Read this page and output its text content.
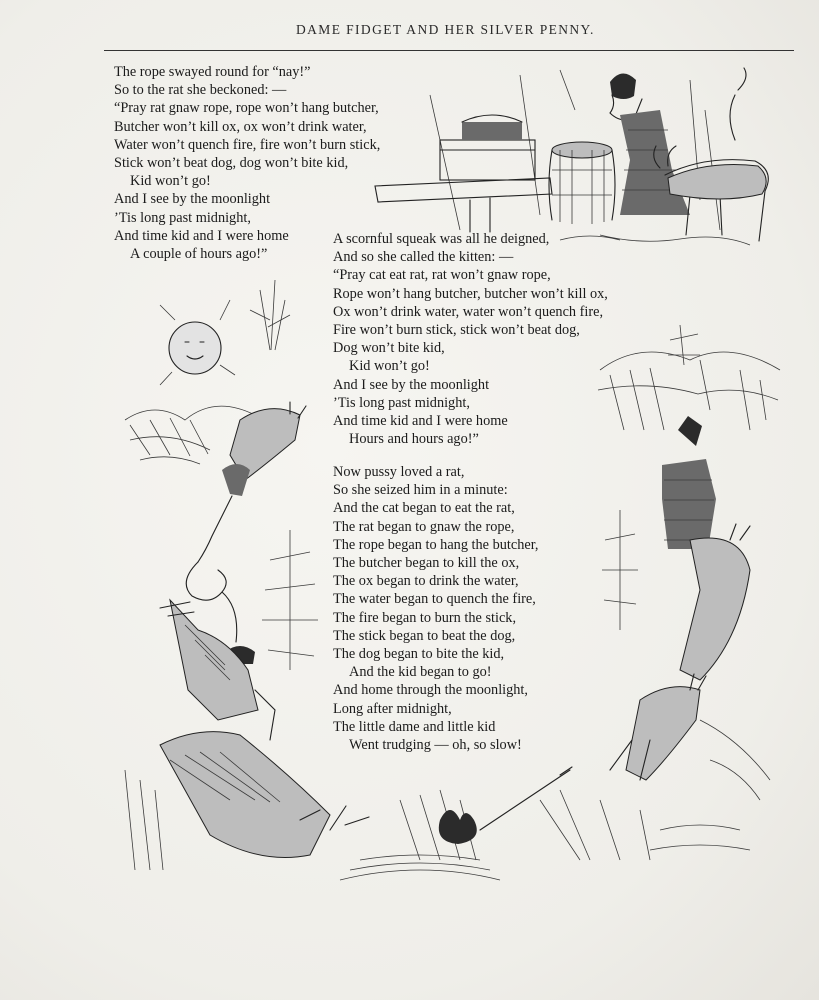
DAME FIDGET AND HER SILVER PENNY.
The rope swayed round for “nay!”
So to the rat she beckoned: —
“Pray rat gnaw rope, rope won’t hang butcher,
Butcher won’t kill ox, ox won’t drink water,
Water won’t quench fire, fire won’t burn stick,
Stick won’t beat dog, dog won’t bite kid,
Kid won’t go!
And I see by the moonlight
’Tis long past midnight,
And time kid and I were home
A couple of hours ago!”
A scornful squeak was all he deigned,
And so she called the kitten: —
“Pray cat eat rat, rat won’t gnaw rope,
Rope won’t hang butcher, butcher won’t kill ox,
Ox won’t drink water, water won’t quench fire,
Fire won’t burn stick, stick won’t beat dog,
Dog won’t bite kid,
Kid won’t go!
And I see by the moonlight
’Tis long past midnight,
And time kid and I were home
Hours and hours ago!”
Now pussy loved a rat,
So she seized him in a minute:
And the cat began to eat the rat,
The rat began to gnaw the rope,
The rope began to hang the butcher,
The butcher began to kill the ox,
The ox began to drink the water,
The water began to quench the fire,
The fire began to burn the stick,
The stick began to beat the dog,
The dog began to bite the kid,
And the kid began to go!
And home through the moonlight,
Long after midnight,
The little dame and little kid
Went trudging — oh, so slow!
